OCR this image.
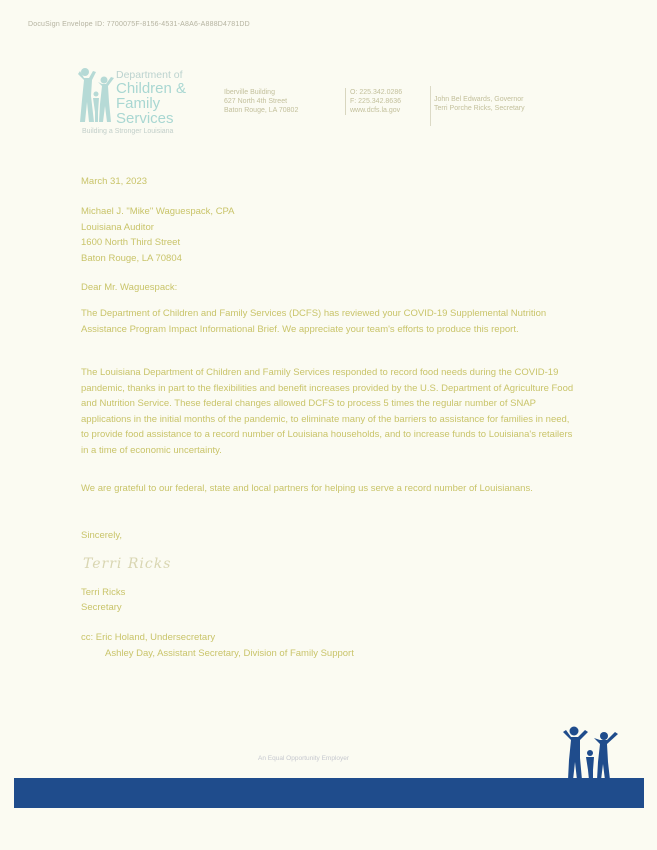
DocuSign Envelope ID: 7700075F-8156-4531-A8A6-A888D4781DD
Department of
Children &
Family Services
Building a Stronger Louisiana
Iberville Building
627 North 4th Street
Baton Rouge, LA 70802
O: 225.342.0286
F: 225.342.8636
www.dcfs.la.gov
John Bel Edwards, Governor
Terri Porche Ricks, Secretary
March 31, 2023
Michael J. "Mike" Waguespack, CPA
Louisiana Auditor
1600 North Third Street
Baton Rouge, LA 70804
Dear Mr. Waguespack:
The Department of Children and Family Services (DCFS) has reviewed your COVID-19 Supplemental Nutrition Assistance Program Impact Informational Brief. We appreciate your team's efforts to produce this report.
The Louisiana Department of Children and Family Services responded to record food needs during the COVID-19 pandemic, thanks in part to the flexibilities and benefit increases provided by the U.S. Department of Agriculture Food and Nutrition Service. These federal changes allowed DCFS to process 5 times the regular number of SNAP applications in the initial months of the pandemic, to eliminate many of the barriers to assistance for families in need, to provide food assistance to a record number of Louisiana households, and to increase funds to Louisiana's retailers in a time of economic uncertainty.
We are grateful to our federal, state and local partners for helping us serve a record number of Louisianans.
Sincerely,
Terri Ricks
Terri Ricks
Secretary
cc: Eric Holand, Undersecretary
Ashley Day, Assistant Secretary, Division of Family Support
An Equal Opportunity Employer
